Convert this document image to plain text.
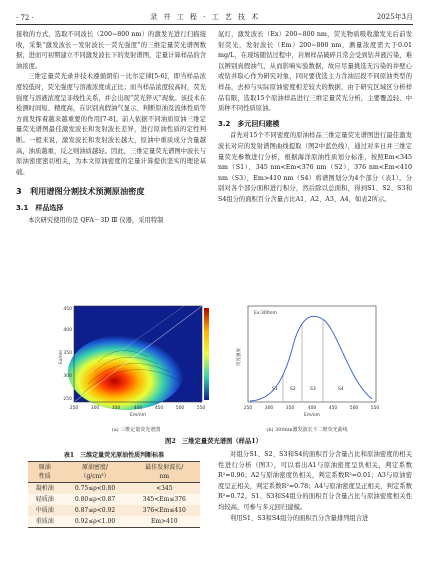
· 72 ·	录 井 工 程 · 工 艺 技 术	2025年3月

接收的方式，选取不同波长（200~800 nm）的激发光进行扫描接收，采集“激发波长－发射波长－荧光强度”的三维定量荧光谱图数据，进而可初期建立不同激发波长下的发射谱图，定量计算样品的含油浓度。

三维定量荧光录井技术遵循朗伯－比尔定律[5-6]，即当样品浓度较低时，荧光强度与溶液浓度成正比；而当样品浓度较高时，荧光强度与溶液浓度呈非线性关系，并会出现“荧光猝灭”现象。该技术在检测时间短、精度高，在识别真假油气显示、判断原油及流体性质等方面发挥着越来越重要的作用[7-8]。前人依据不同油质原油三维定量荧光谱图最佳激发波长和发射波长差异，进行原油性质的定性判断。一般来说，激发波长和发射波长越大，原油中重质成分含量越高，油质越重，反之则油质越轻。因此，三维定量荧光谱图中波长与原油密度密切相关，为本文原油密度的定量计算提供坚实的理论基础。

3　利用谱图分割技术预测原油密度
3.1　样品选择

本次研究使用的是 QFA－3D Ⅲ 仪器，采用特制

氙灯，激发波长（Ex）200~800 nm，荧光物质吸收激发光后前发射荧光，发射波长（Em）200~800 nm，测量浓度需大于0.01 mg/L，在现场随钻过程中，岩屑样品破碎且常会受到钻井液污染，难以辨别真假油气，从而影响实验数据，故应尽量挑选无污染的井壁心或钻井取心作为研究对象，同时要优选主力含油层段不同原油类型的样品，去掉与实际原油密度相差较大的数据，由于研究区域区分析样品有限，选取15个原油样品进行三维定量荧光分析，主要覆盖轻、中质种不同性质原油。

3.2　多元回归建模

首先对15个不同密度的原油样品三维定量荧光谱图进行最佳激发波长对应的发射谱图曲线提取（图2中蓝色线），通过对多日并三维定量荧光参数进行分析，根据海洋原油性质划分标准，按照Em<345 nm（S1），345 nm<Em<376 nm（S2），376 nm<Em<410 nm（S3），Em>410 nm（S4）将谱图划分为4个部分（表1）。分别对各个部分面积进行积分，然后除以总面积，得到S1、S2、S3和S4组分的面积百分含量占比A1、A2、A3、A4，如表2所示。

250	300	350	400	450	500	550
Em/nm
250
300
350
400
450
Ex/nm
(a) 三维定量荧光谱图
Ex:300nm
S1	S2	S3	S4
250	300	350	400	450	500	550
Em/nm
荧光强度
(b) 300nm激发波长下二维荧光曲线
图2　三维定量荧光谱图（样品1）
表1　三维定量荧光原油性质判断标准
原油
性质	原油密度/
（g/cm³）	最佳发射波长/
nm
凝析油	0.75≤ρ<0.80	<345
轻质油	0.80≤ρ<0.87	345<Em≤376
中质油	0.87≤ρ<0.92	376<Em≤410
重质油	0.92≤ρ<1.00	Em>410

对组分S1、S2、S3和S4的面积百分含量占比和原油密度的相关性进行分析（图3），可以看出A1与原油密度呈负相关，判定系数R²=0.96；A2与原油密度负相关，判定系数R²=0.01；A3与原油密度呈正相关，判定系数R²=0.78；A4与原油密度呈正相关，判定系数R²=0.72。S1、S3和S4组分的面积百分含量占比与原油密度相关性均较高，可参与多元回归建模。

利用S1、S3和S4组分的面积百分含量排列组合进
